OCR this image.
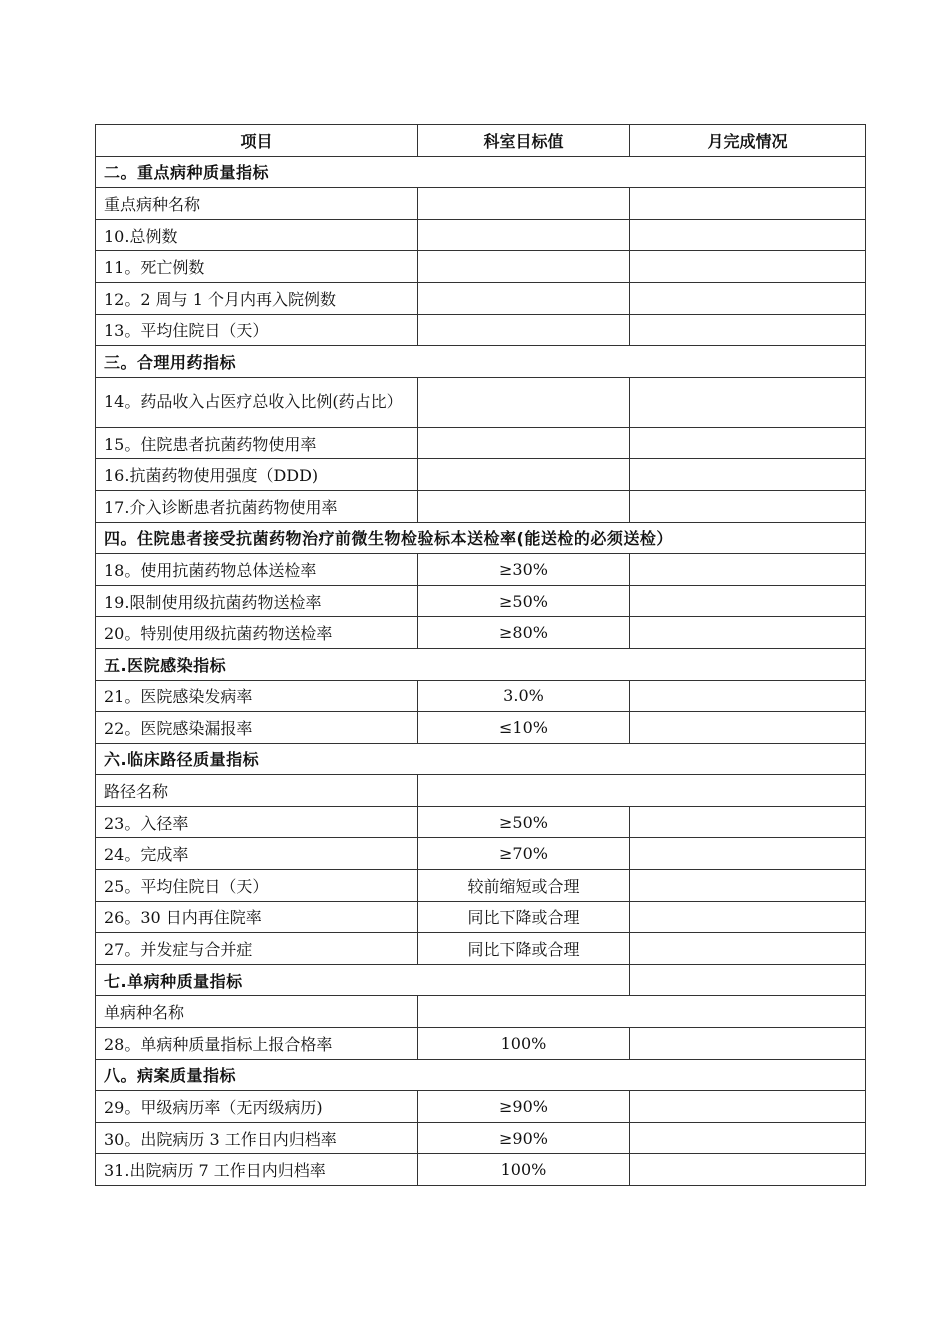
项目	科室目标值	月完成情况
二。重点病种质量指标		
重点病种名称		
10.总例数		
11。死亡例数		
12。2 周与 1 个月内再入院例数		
13。平均住院日（天）		
三。合理用药指标		
14。药品收入占医疗总收入比例(药占比）		
15。住院患者抗菌药物使用率		
16.抗菌药物使用强度（DDD)		
17.介入诊断患者抗菌药物使用率		
四。住院患者接受抗菌药物治疗前微生物检验标本送检率(能送检的必须送检）		
18。使用抗菌药物总体送检率	≥30%	
19.限制使用级抗菌药物送检率	≥50%	
20。特别使用级抗菌药物送检率	≥80%	
五.医院感染指标		
21。医院感染发病率	3.0%	
22。医院感染漏报率	≤10%	
六.临床路径质量指标		
路径名称		
23。入径率	≥50%	
24。完成率	≥70%	
25。平均住院日（天）	较前缩短或合理	
26。30 日内再住院率	同比下降或合理	
27。并发症与合并症	同比下降或合理	
七.单病种质量指标		
单病种名称		
28。单病种质量指标上报合格率	100%	
八。病案质量指标		
29。甲级病历率（无丙级病历)	≥90%	
30。出院病历 3 工作日内归档率	≥90%	
31.出院病历 7 工作日内归档率	100%	
